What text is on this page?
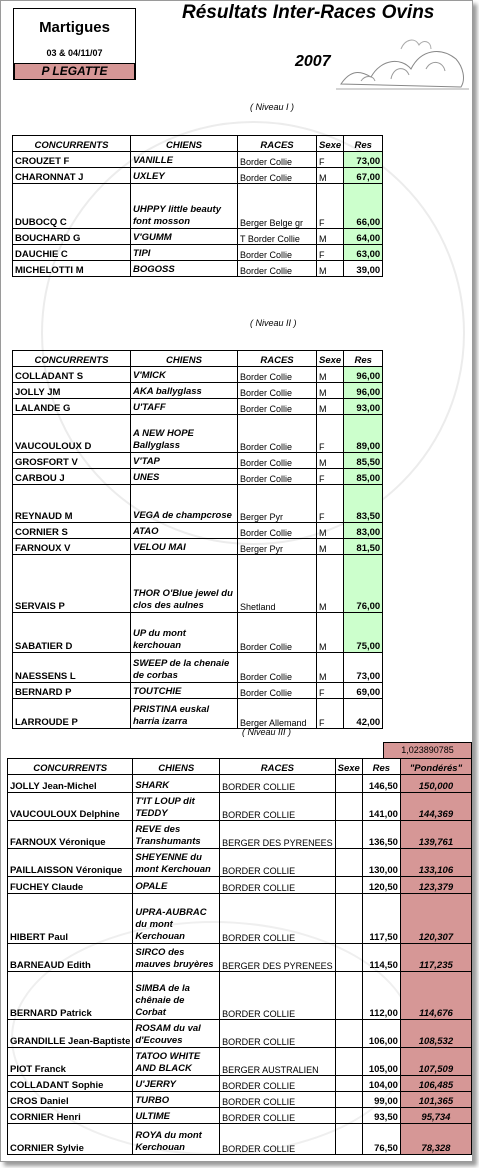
Martigues
03 & 04/11/07
P LEGATTE
Résultats Inter-Races Ovins
2007
( Niveau I )
CONCURRENTS	CHIENS	RACES	Sexe	Res
CROUZET F	VANILLE	Border Collie	F	73,00
CHARONNAT J	UXLEY	Border Collie	M	67,00
DUBOCQ C	UHPPY little beauty font mosson	Berger Belge gr	F	66,00
BOUCHARD G	V'GUMM	T Border Collie	M	64,00
DAUCHIE C	TIPI	Border Collie	F	63,00
MICHELOTTI M	BOGOSS	Border Collie	M	39,00
( Niveau II )
CONCURRENTS	CHIENS	RACES	Sexe	Res
COLLADANT S	V'MICK	Border Collie	M	96,00
JOLLY JM	AKA ballyglass	Border Collie	M	96,00
LALANDE G	U'TAFF	Border Collie	M	93,00
VAUCOULOUX D	A NEW HOPE Ballyglass	Border Collie	F	89,00
GROSFORT V	V'TAP	Border Collie	M	85,50
CARBOU J	UNES	Border Collie	F	85,00
REYNAUD M	VEGA de champcrose	Berger Pyr	F	83,50
CORNIER S	ATAO	Border Collie	M	83,00
FARNOUX V	VELOU MAI	Berger Pyr	M	81,50
SERVAIS P	THOR O'Blue jewel du clos des aulnes	Shetland	M	76,00
SABATIER D	UP du mont kerchouan	Border Collie	M	75,00
NAESSENS L	SWEEP de la chenaie de corbas	Border Collie	M	73,00
BERNARD P	TOUTCHIE	Border Collie	F	69,00
LARROUDE P	PRISTINA euskal harria izarra	Berger Allemand	F	42,00
( Niveau III )
1,023890785
CONCURRENTS	CHIENS	RACES	Sexe	Res	"Pondérés"
JOLLY Jean-Michel	SHARK	BORDER COLLIE		146,50	150,000
VAUCOULOUX Delphine	T'IT LOUP dit TEDDY	BORDER COLLIE		141,00	144,369
FARNOUX Véronique	REVE des Transhumants	BERGER DES PYRENEES		136,50	139,761
PAILLAISSON Véronique	SHEYENNE du mont Kerchouan	BORDER COLLIE		130,00	133,106
FUCHEY Claude	OPALE	BORDER COLLIE		120,50	123,379
HIBERT Paul	UPRA-AUBRAC du mont Kerchouan	BORDER COLLIE		117,50	120,307
BARNEAUD Edith	SIRCO des mauves bruyères	BERGER DES PYRENEES		114,50	117,235
BERNARD Patrick	SIMBA de la chênaie de Corbat	BORDER COLLIE		112,00	114,676
GRANDILLE Jean-Baptiste	ROSAM du val d'Ecouves	BORDER COLLIE		106,00	108,532
PIOT Franck	TATOO WHITE AND BLACK	BERGER AUSTRALIEN		105,00	107,509
COLLADANT Sophie	U'JERRY	BORDER COLLIE		104,00	106,485
CROS Daniel	TURBO	BORDER COLLIE		99,00	101,365
CORNIER Henri	ULTIME	BORDER COLLIE		93,50	95,734
CORNIER Sylvie	ROYA du mont Kerchouan	BORDER COLLIE		76,50	78,328
